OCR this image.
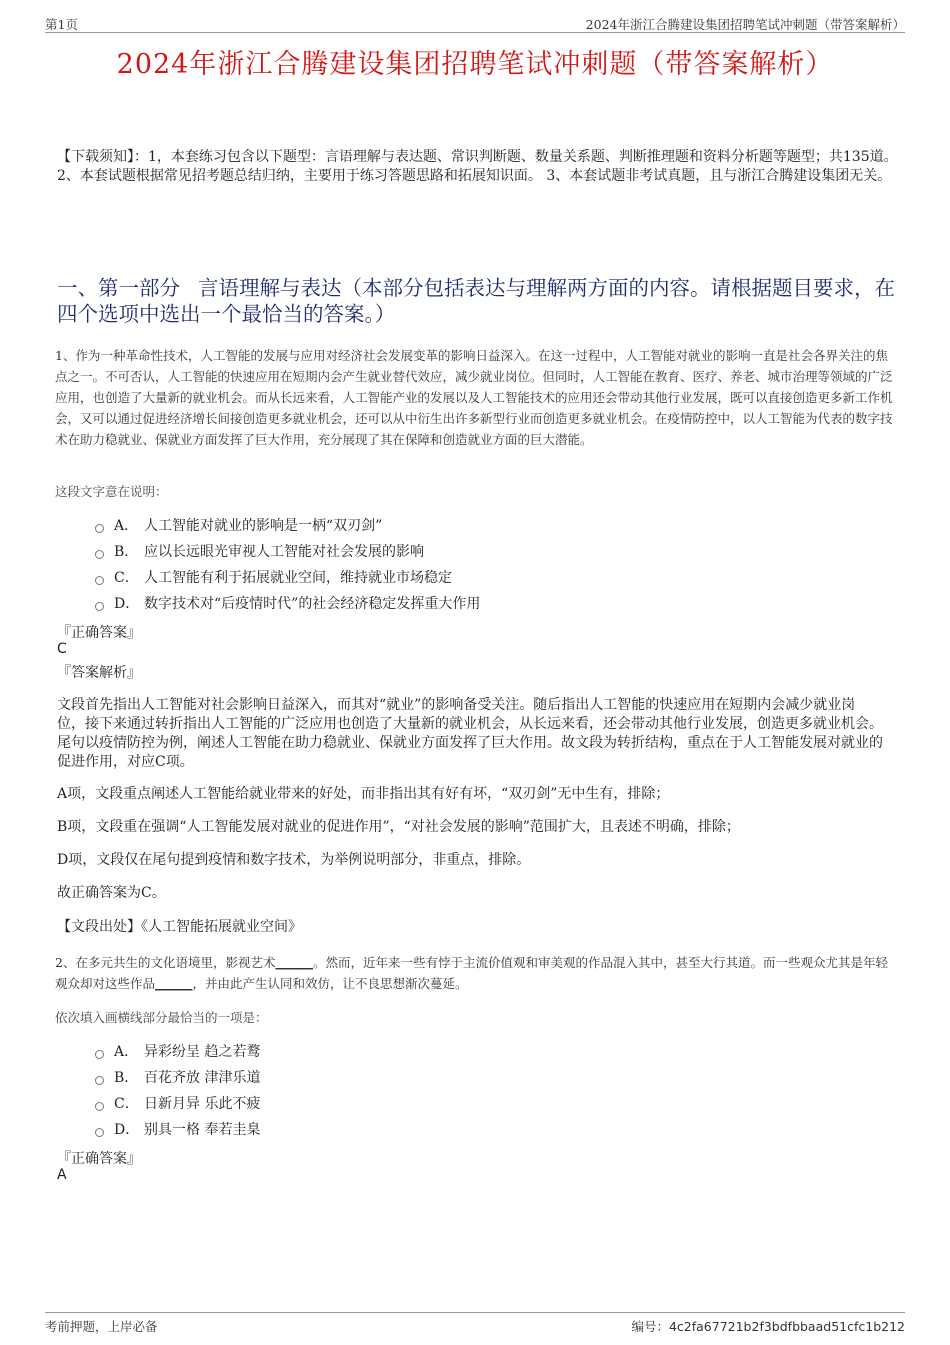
第1页	2024年浙江合腾建设集团招聘笔试冲刺题（带答案解析）
2024年浙江合腾建设集团招聘笔试冲刺题（带答案解析）
【下载须知】：1，本套练习包含以下题型：言语理解与表达题、常识判断题、数量关系题、判断推理题和资料分析题等题型；共135道。 2、本套试题根据常见招考题总结归纳，主要用于练习答题思路和拓展知识面。 3、本套试题非考试真题，且与浙江合腾建设集团无关。
一、第一部分 言语理解与表达（本部分包括表达与理解两方面的内容。请根据题目要求，在四个选项中选出一个最恰当的答案。）
1、作为一种革命性技术，人工智能的发展与应用对经济社会发展变革的影响日益深入。在这一过程中，人工智能对就业的影响一直是社会各界关注的焦点之一。不可否认，人工智能的快速应用在短期内会产生就业替代效应，减少就业岗位。但同时，人工智能在教育、医疗、养老、城市治理等领域的广泛应用，也创造了大量新的就业机会。而从长远来看，人工智能产业的发展以及人工智能技术的应用还会带动其他行业发展，既可以直接创造更多新工作机会，又可以通过促进经济增长间接创造更多就业机会，还可以从中衍生出许多新型行业而创造更多就业机会。在疫情防控中，以人工智能为代表的数字技术在助力稳就业、保就业方面发挥了巨大作用，充分展现了其在保障和创造就业方面的巨大潜能。
这段文字意在说明：
A． 人工智能对就业的影响是一柄“双刃剑”
B． 应以长远眼光审视人工智能对社会发展的影响
C． 人工智能有利于拓展就业空间，维持就业市场稳定
D． 数字技术对“后疫情时代”的社会经济稳定发挥重大作用
『正确答案』
C
『答案解析』
文段首先指出人工智能对社会影响日益深入，而其对“就业”的影响备受关注。随后指出人工智能的快速应用在短期内会减少就业岗位，接下来通过转折指出人工智能的广泛应用也创造了大量新的就业机会，从长远来看，还会带动其他行业发展，创造更多就业机会。尾句以疫情防控为例，阐述人工智能在助力稳就业、保就业方面发挥了巨大作用。故文段为转折结构，重点在于人工智能发展对就业的促进作用，对应C项。
A项，文段重点阐述人工智能给就业带来的好处，而非指出其有好有坏，“双刃剑”无中生有，排除；
B项，文段重在强调“人工智能发展对就业的促进作用”，“对社会发展的影响”范围扩大，且表述不明确，排除；
D项，文段仅在尾句提到疫情和数字技术，为举例说明部分，非重点，排除。
故正确答案为C。
【文段出处】《人工智能拓展就业空间》
2、在多元共生的文化语境里，影视艺术______。然而，近年来一些有悖于主流价值观和审美观的作品混入其中，甚至大行其道。而一些观众尤其是年轻观众却对这些作品______，并由此产生认同和效仿，让不良思想渐次蔓延。
依次填入画横线部分最恰当的一项是：
A． 异彩纷呈 趋之若鹜
B． 百花齐放 津津乐道
C． 日新月异 乐此不疲
D． 别具一格 奉若圭臬
『正确答案』
A
考前押题，上岸必备	编号：4c2fa67721b2f3bdfbbaad51cfc1b212
